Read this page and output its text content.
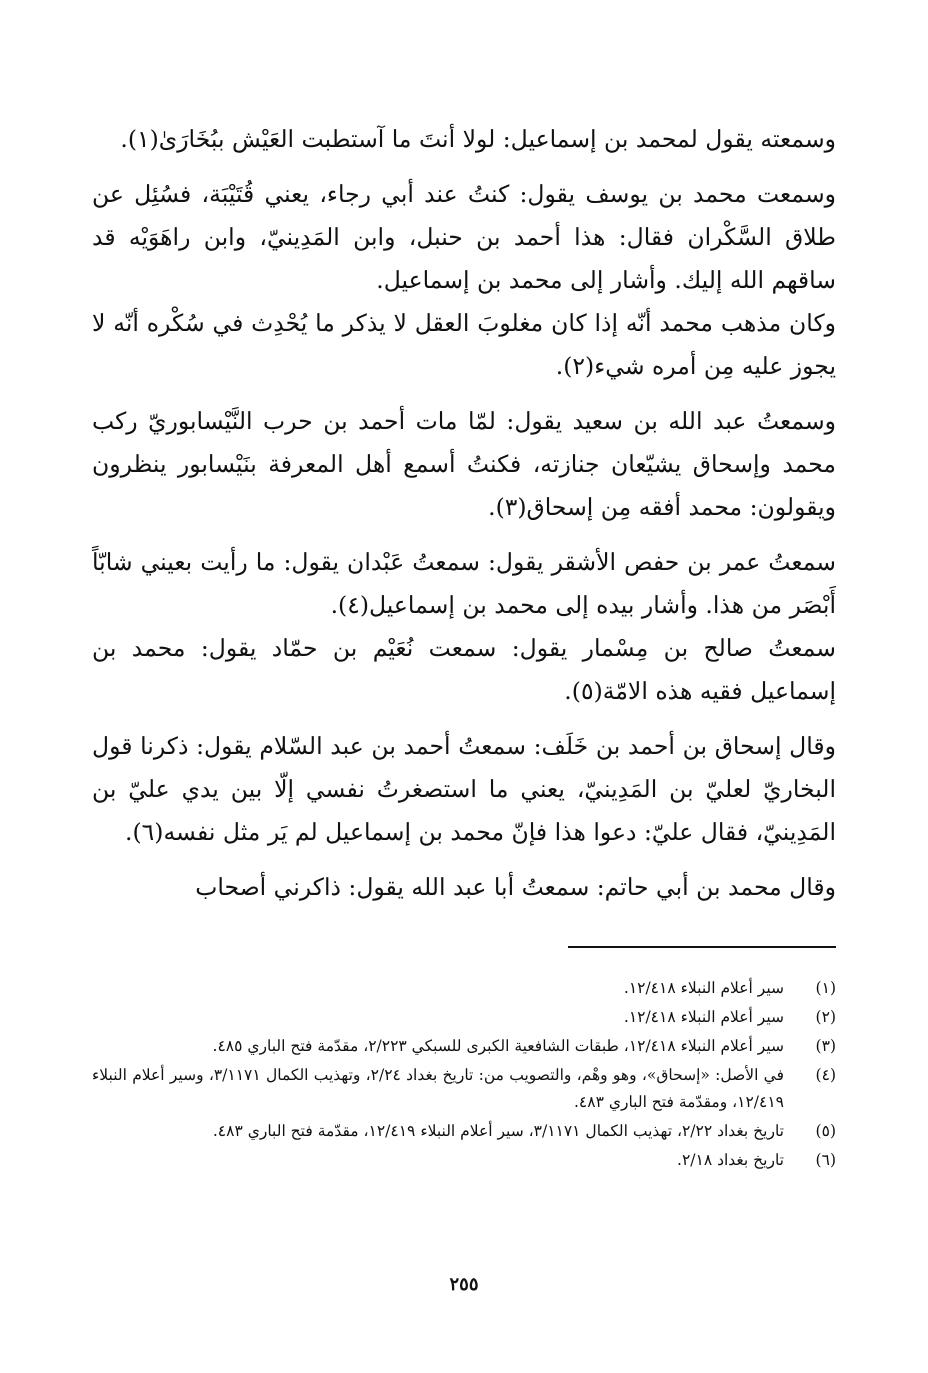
وسمعته يقول لمحمد بن إسماعيل: لولا أنتَ ما آستطبت العَيْش ببُخَارَىٰ(١).

وسمعت محمد بن يوسف يقول: كنتُ عند أبي رجاء، يعني قُتَيْبَة، فسُئِل عن طلاق السَّكْران فقال: هذا أحمد بن حنبل، وابن المَدِينيّ، وابن راهَوَيْه قد ساقهم الله إليك. وأشار إلى محمد بن إسماعيل.

وكان مذهب محمد أنّه إذا كان مغلوبَ العقل لا يذكر ما يُحْدِث في سُكْره أنّه لا يجوز عليه مِن أمره شيء(٢).

وسمعتُ عبد الله بن سعيد يقول: لمّا مات أحمد بن حرب النَّيْسابوريّ ركب محمد وإسحاق يشيّعان جنازته، فكنتُ أسمع أهل المعرفة بنَيْسابور ينظرون ويقولون: محمد أفقه مِن إسحاق(٣).

سمعتُ عمر بن حفص الأشقر يقول: سمعتُ عَبْدان يقول: ما رأيت بعيني شابّاً أَبْصَر من هذا. وأشار بيده إلى محمد بن إسماعيل(٤).

سمعتُ صالح بن مِسْمار يقول: سمعت نُعَيْم بن حمّاد يقول: محمد بن إسماعيل فقيه هذه الامّة(٥).

وقال إسحاق بن أحمد بن خَلَف: سمعتُ أحمد بن عبد السّلام يقول: ذكرنا قول البخاريّ لعليّ بن المَدِينيّ، يعني ما استصغرتُ نفسي إلّا بين يدي عليّ بن المَدِينيّ، فقال عليّ: دعوا هذا فإنّ محمد بن إسماعيل لم يَر مثل نفسه(٦).

وقال محمد بن أبي حاتم: سمعتُ أبا عبد الله يقول: ذاكرني أصحاب

(١)
سير أعلام النبلاء ١٢/٤١٨.
(٢)
سير أعلام النبلاء ١٢/٤١٨.
(٣)
سير أعلام النبلاء ١٢/٤١٨، طبقات الشافعية الكبرى للسبكي ٢/٢٢٣، مقدّمة فتح الباري ٤٨٥.
(٤)
في الأصل: «إسحاق»، وهو وهْم، والتصويب من: تاريخ بغداد ٢/٢٤، وتهذيب الكمال ٣/١١٧١، وسير أعلام النبلاء ١٢/٤١٩، ومقدّمة فتح الباري ٤٨٣.
(٥)
تاريخ بغداد ٢/٢٢، تهذيب الكمال ٣/١١٧١، سير أعلام النبلاء ١٢/٤١٩، مقدّمة فتح الباري ٤٨٣.
(٦)
تاريخ بغداد ٢/١٨.
٢٥٥
